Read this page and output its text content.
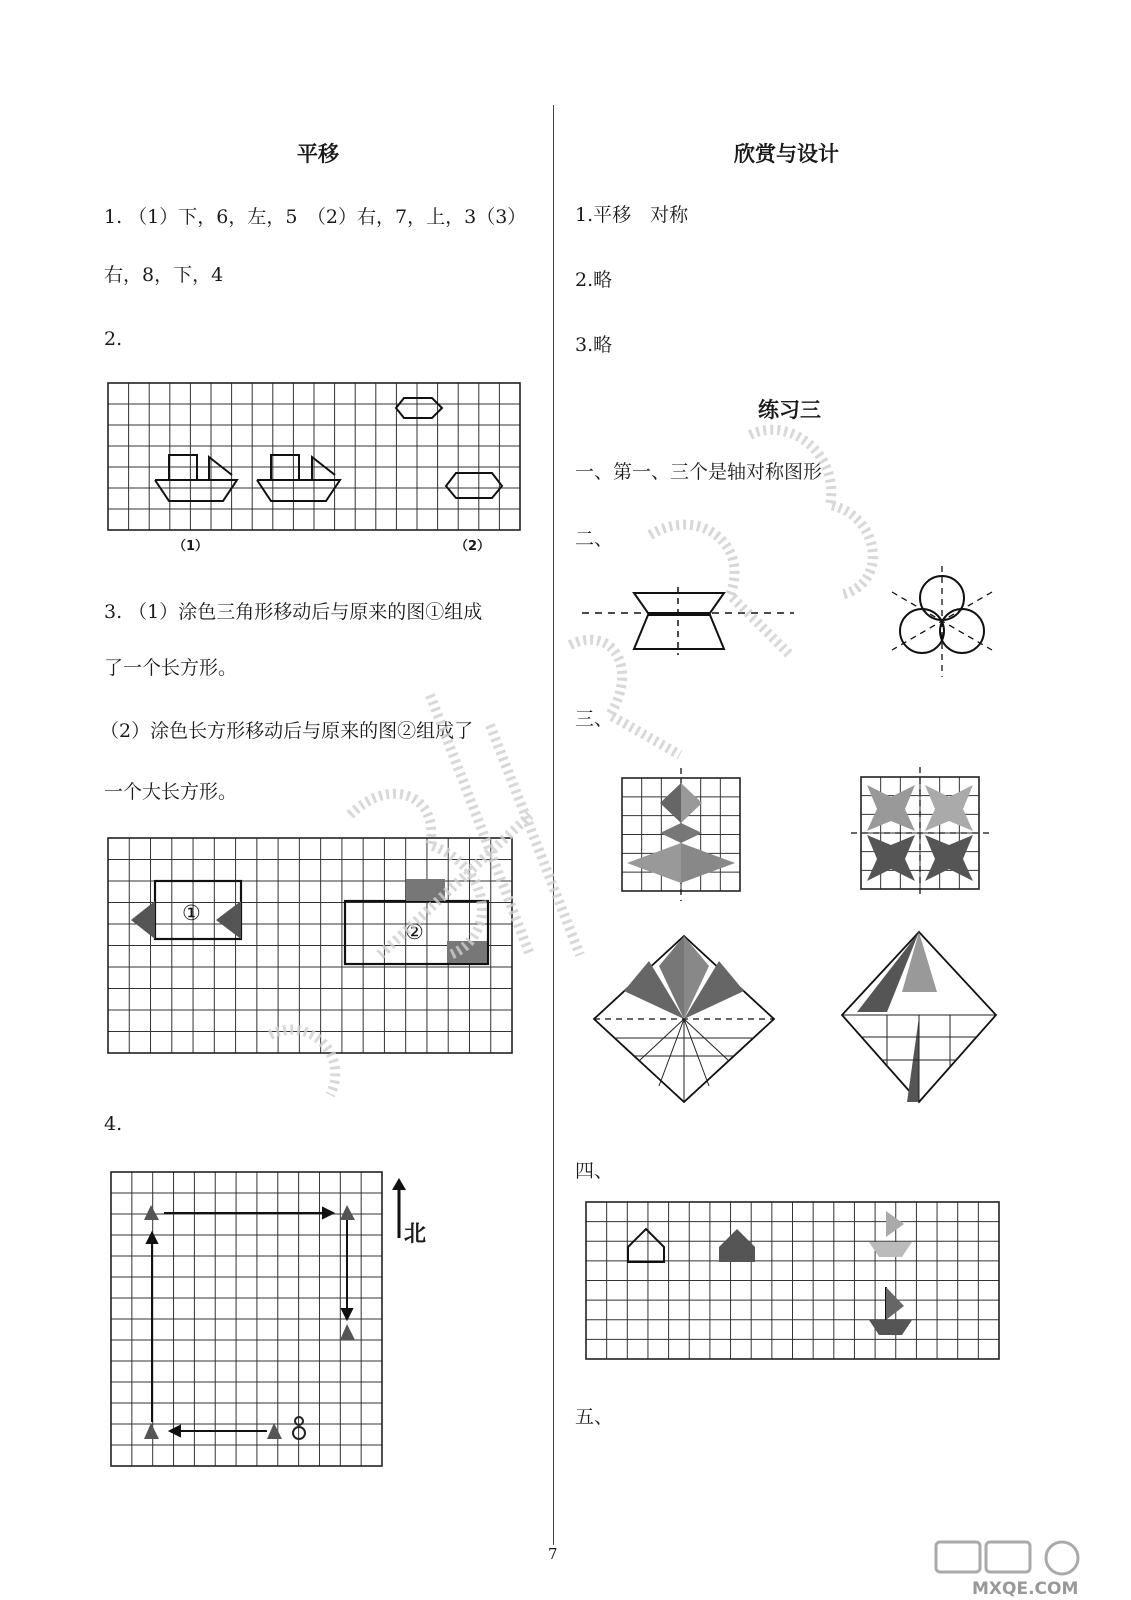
平移
1. （1）下，6，左，5　（2）右，7，上，3（3）
右，8，下，4
2.
（1）	（2）
3. （1）涂色三角形移动后与原来的图①组成
了一个长方形。
（2）涂色长方形移动后与原来的图②组成了
一个大长方形。
①
②
4.
北
欣赏与设计
1.平移　对称
2.略
3.略
练习三
一、第一、三个是轴对称图形
二、
三、
四、
五、
7
MXQE.COM
